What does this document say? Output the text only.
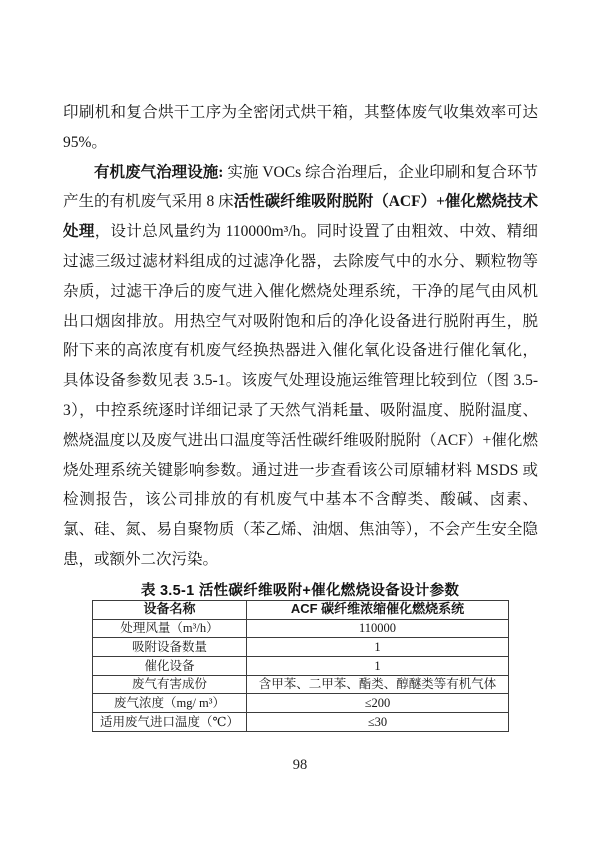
印刷机和复合烘干工序为全密闭式烘干箱，其整体废气收集效率可达95%。

有机废气治理设施: 实施 VOCs 综合治理后，企业印刷和复合环节产生的有机废气采用 8 床活性碳纤维吸附脱附（ACF）+催化燃烧技术处理，设计总风量约为 110000m³/h。同时设置了由粗效、中效、精细过滤三级过滤材料组成的过滤净化器，去除废气中的水分、颗粒物等杂质，过滤干净后的废气进入催化燃烧处理系统，干净的尾气由风机出口烟囱排放。用热空气对吸附饱和后的净化设备进行脱附再生，脱附下来的高浓度有机废气经换热器进入催化氧化设备进行催化氧化，具体设备参数见表 3.5-1。该废气处理设施运维管理比较到位（图 3.5-3），中控系统逐时详细记录了天然气消耗量、吸附温度、脱附温度、燃烧温度以及废气进出口温度等活性碳纤维吸附脱附（ACF）+催化燃烧处理系统关键影响参数。通过进一步查看该公司原辅材料 MSDS 或检测报告，该公司排放的有机废气中基本不含醇类、酸碱、卤素、氯、硅、氮、易自聚物质（苯乙烯、油烟、焦油等），不会产生安全隐患，或额外二次污染。

表 3.5-1 活性碳纤维吸附+催化燃烧设备设计参数
设备名称	ACF 碳纤维浓缩催化燃烧系统
处理风量（m³/h）	110000
吸附设备数量	1
催化设备	1
废气有害成份	含甲苯、二甲苯、酯类、醇醚类等有机气体
废气浓度（mg/ m³）	≤200
适用废气进口温度（℃）	≤30
98
